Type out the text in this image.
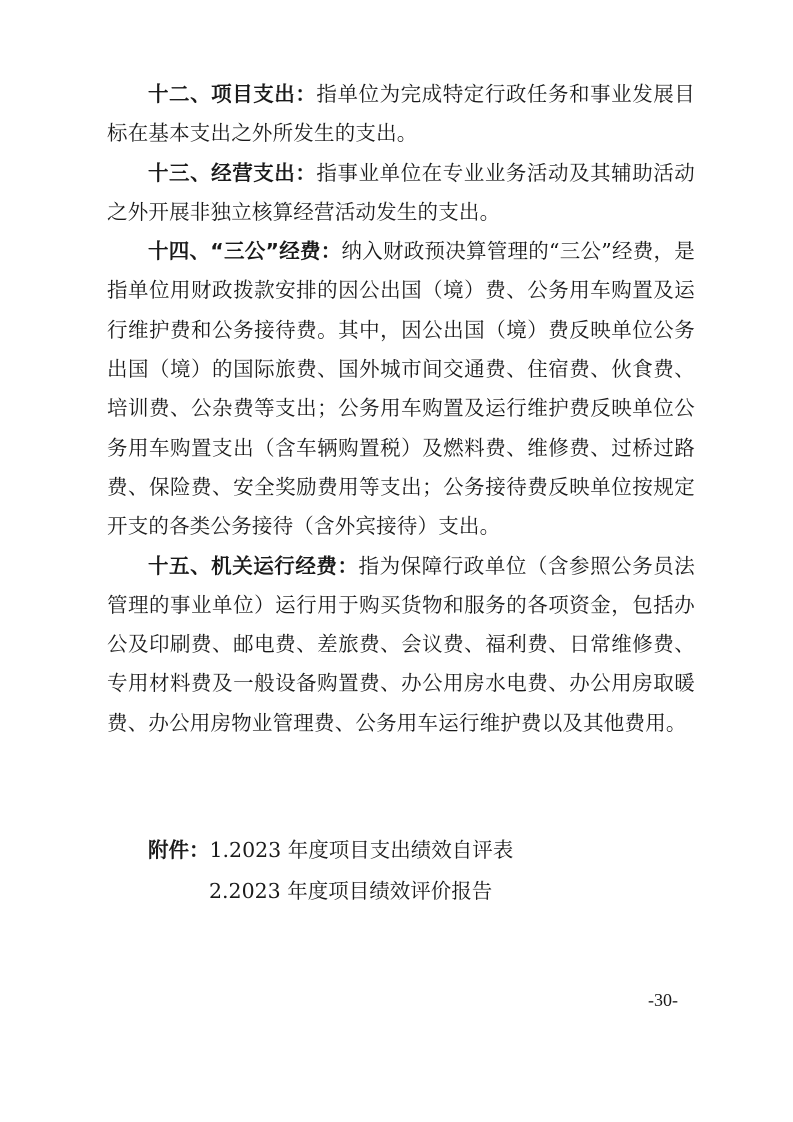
十二、项目支出：指单位为完成特定行政任务和事业发展目标在基本支出之外所发生的支出。

十三、经营支出：指事业单位在专业业务活动及其辅助活动之外开展非独立核算经营活动发生的支出。

十四、“三公”经费：纳入财政预决算管理的“三公”经费，是指单位用财政拨款安排的因公出国（境）费、公务用车购置及运行维护费和公务接待费。其中，因公出国（境）费反映单位公务出国（境）的国际旅费、国外城市间交通费、住宿费、伙食费、培训费、公杂费等支出；公务用车购置及运行维护费反映单位公务用车购置支出（含车辆购置税）及燃料费、维修费、过桥过路费、保险费、安全奖励费用等支出；公务接待费反映单位按规定开支的各类公务接待（含外宾接待）支出。

十五、机关运行经费：指为保障行政单位（含参照公务员法管理的事业单位）运行用于购买货物和服务的各项资金，包括办公及印刷费、邮电费、差旅费、会议费、福利费、日常维修费、专用材料费及一般设备购置费、办公用房水电费、办公用房取暖费、办公用房物业管理费、公务用车运行维护费以及其他费用。

附件：1.2023 年度项目支出绩效自评表
2.2023 年度项目绩效评价报告
-30-
